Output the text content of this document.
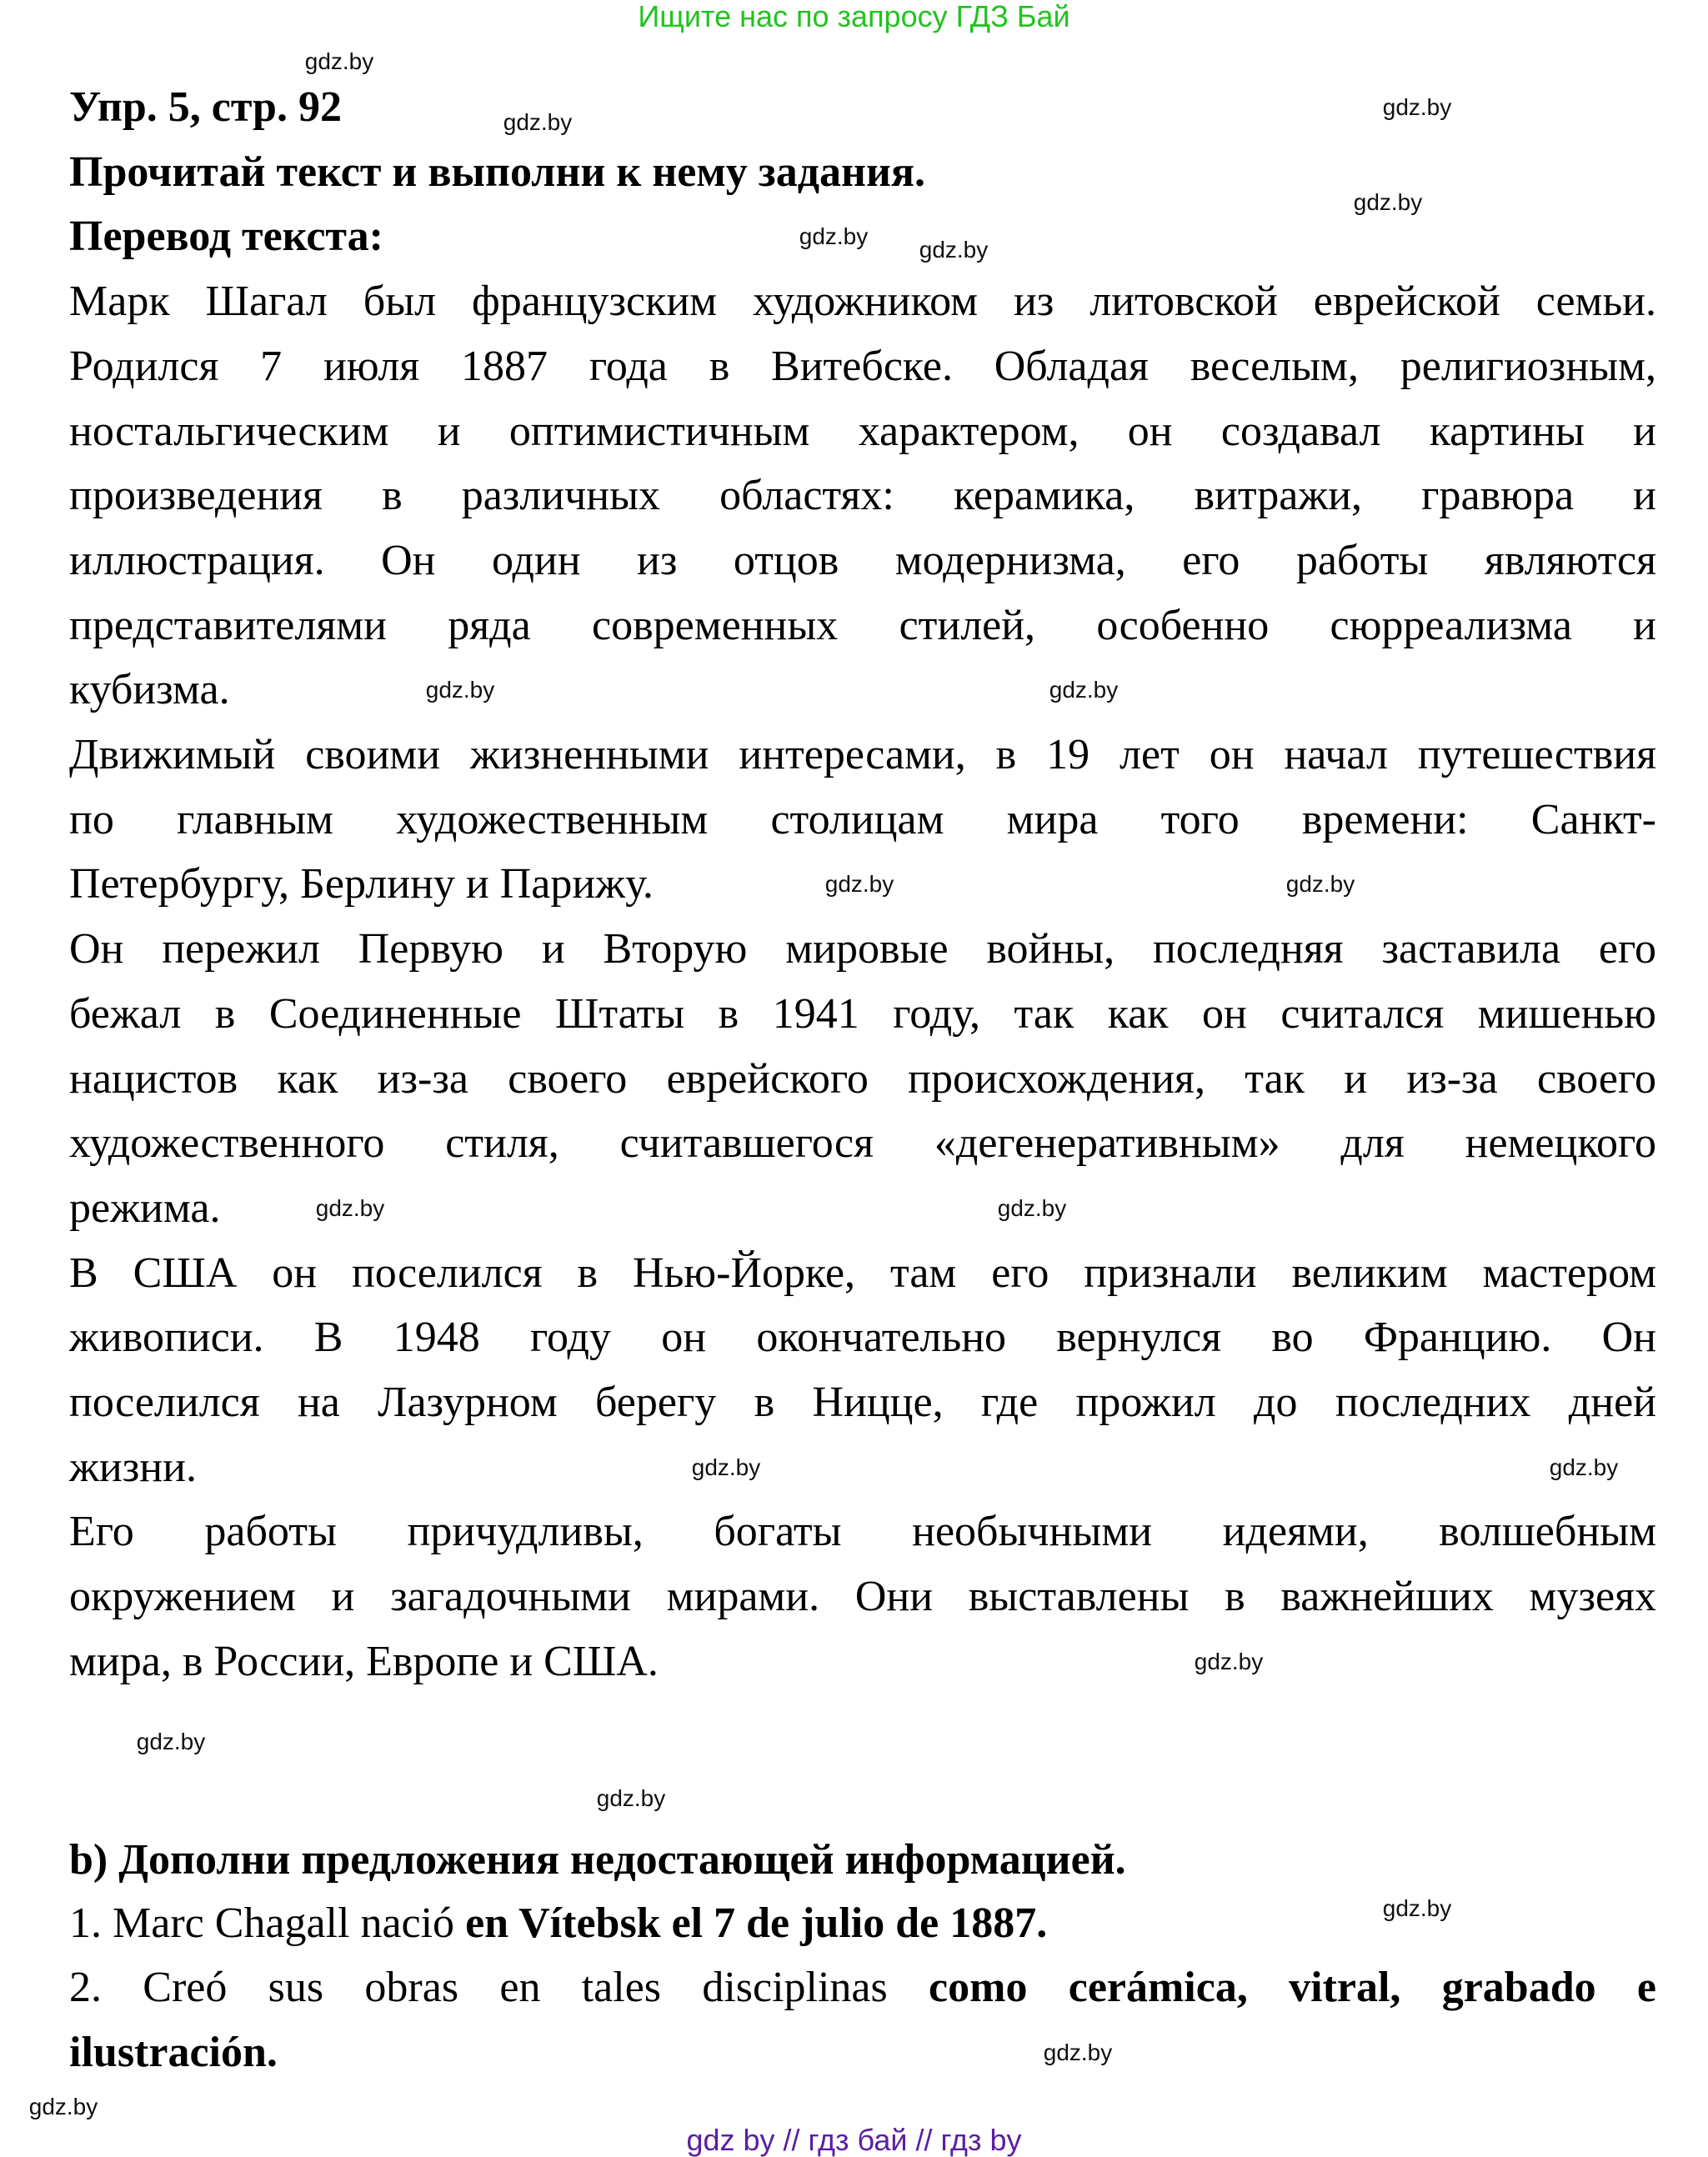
Ищите нас по запросу ГДЗ Бай
Упр. 5, стр. 92
Прочитай текст и выполни к нему задания.
Перевод текста:
Марк Шагал был французским художником из литовской еврейской семьи.
Родился 7 июля 1887 года в Витебске. Обладая веселым, религиозным,
ностальгическим и оптимистичным характером, он создавал картины и
произведения в различных областях: керамика, витражи, гравюра и
иллюстрация. Он один из отцов модернизма, его работы являются
представителями ряда современных стилей, особенно сюрреализма и
кубизма.
Движимый своими жизненными интересами, в 19 лет он начал путешествия
по главным художественным столицам мира того времени: Санкт-
Петербургу, Берлину и Парижу.
Он пережил Первую и Вторую мировые войны, последняя заставила его
бежал в Соединенные Штаты в 1941 году, так как он считался мишенью
нацистов как из-за своего еврейского происхождения, так и из-за своего
художественного стиля, считавшегося «дегенеративным» для немецкого
режима.
В США он поселился в Нью-Йорке, там его признали великим мастером
живописи. В 1948 году он окончательно вернулся во Францию. Он
поселился на Лазурном берегу в Ницце, где прожил до последних дней
жизни.
Его работы причудливы, богаты необычными идеями, волшебным
окружением и загадочными мирами. Они выставлены в важнейших музеях
мира, в России, Европе и США.
b) Дополни предложения недостающей информацией.
1. Marc Chagall nació en Vítebsk el 7 de julio de 1887.
2. Creó sus obras en tales disciplinas como cerámica, vitral, grabado e
ilustración.
gdz.by
gdz.by
gdz.by
gdz.by
gdz.by
gdz.by
gdz.by	gdz.by
gdz.by	gdz.by
gdz.by
gdz.by
gdz.by	gdz.by
gdz.by
gdz.by
gdz.by
gdz.by
gdz.by
gdz.by
gdz by // гдз бай // гдз by
